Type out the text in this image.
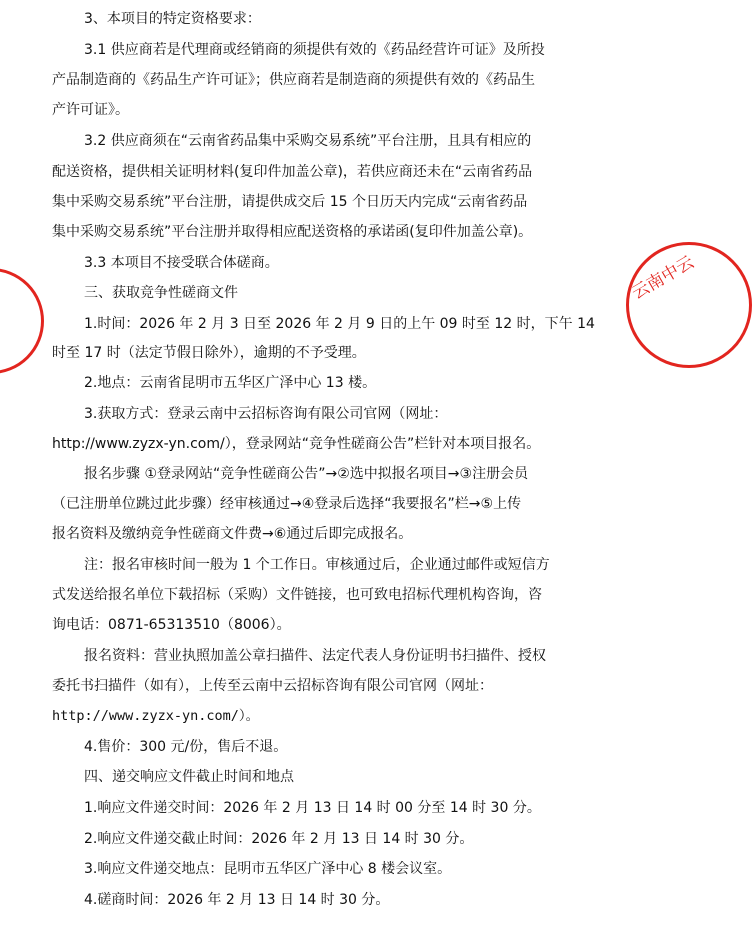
3、本项目的特定资格要求：
3.1 供应商若是代理商或经销商的须提供有效的《药品经营许可证》及所投
产品制造商的《药品生产许可证》；供应商若是制造商的须提供有效的《药品生
产许可证》。
3.2 供应商须在“云南省药品集中采购交易系统”平台注册，且具有相应的
配送资格，提供相关证明材料(复印件加盖公章)，若供应商还未在“云南省药品
集中采购交易系统”平台注册，请提供成交后 15 个日历天内完成“云南省药品
集中采购交易系统”平台注册并取得相应配送资格的承诺函(复印件加盖公章)。
3.3 本项目不接受联合体磋商。
三、获取竞争性磋商文件
1.时间：2026 年 2 月 3 日至 2026 年 2 月 9 日的上午 09 时至 12 时，下午 14
时至 17 时（法定节假日除外），逾期的不予受理。
2.地点：云南省昆明市五华区广泽中心 13 楼。
3.获取方式：登录云南中云招标咨询有限公司官网（网址：
http://www.zyzx-yn.com/），登录网站“竞争性磋商公告”栏针对本项目报名。
报名步骤 ①登录网站“竞争性磋商公告”→②选中拟报名项目→③注册会员
（已注册单位跳过此步骤）经审核通过→④登录后选择“我要报名”栏→⑤上传
报名资料及缴纳竞争性磋商文件费→⑥通过后即完成报名。
注：报名审核时间一般为 1 个工作日。审核通过后，企业通过邮件或短信方
式发送给报名单位下载招标（采购）文件链接，也可致电招标代理机构咨询，咨
询电话：0871-65313510（8006）。
报名资料：营业执照加盖公章扫描件、法定代表人身份证明书扫描件、授权
委托书扫描件（如有），上传至云南中云招标咨询有限公司官网（网址：
http://www.zyzx-yn.com/）。
4.售价：300 元/份，售后不退。
四、递交响应文件截止时间和地点
1.响应文件递交时间：2026 年 2 月 13 日 14 时 00 分至 14 时 30 分。
2.响应文件递交截止时间：2026 年 2 月 13 日 14 时 30 分。
3.响应文件递交地点：昆明市五华区广泽中心 8 楼会议室。
4.磋商时间：2026 年 2 月 13 日 14 时 30 分。
云南中云
